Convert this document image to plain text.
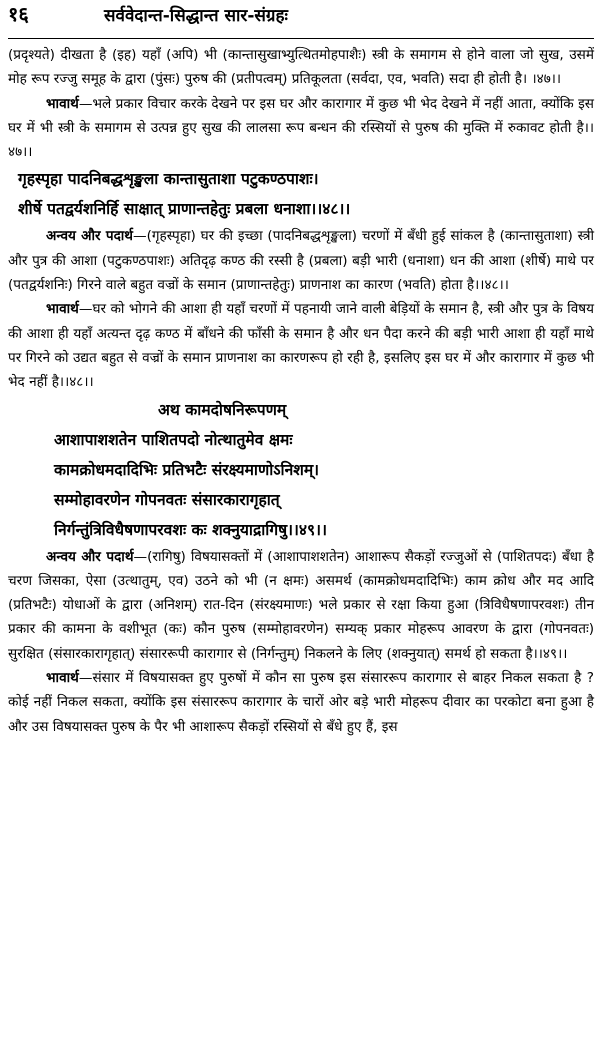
१६	सर्ववेदान्त-सिद्धान्त सार-संग्रहः

(प्रदृश्यते) दीखता है (इह) यहाँ (अपि) भी (कान्तासुखाभ्युत्थितमोहपाशैः) स्त्री के समागम से होने वाला जो सुख, उसमें मोह रूप रज्जु समूह के द्वारा (पुंसः) पुरुष की (प्रतीपत्वम्) प्रतिकूलता (सर्वदा, एव, भवति) सदा ही होती है। ।४७।।

भावार्थ—भले प्रकार विचार करके देखने पर इस घर और कारागार में कुछ भी भेद देखने में नहीं आता, क्योंकि इस घर में भी स्त्री के समागम से उत्पन्न हुए सुख की लालसा रूप बन्धन की रस्सियों से पुरुष की मुक्ति में रुकावट होती है।।४७।।

गृहस्पृहा पादनिबद्धशृङ्खला कान्तासुताशा पटुकण्ठपाशः।
शीर्षे पतद्वर्यशनिर्हि साक्षात् प्राणान्तहेतुः प्रबला धनाशा।।४८।।

अन्वय और पदार्थ—(गृहस्पृहा) घर की इच्छा (पादनिबद्धशृङ्खला) चरणों में बँधी हुई सांकल है (कान्तासुताशा) स्त्री और पुत्र की आशा (पटुकण्ठपाशः) अतिदृढ़ कण्ठ की रस्सी है (प्रबला) बड़ी भारी (धनाशा) धन की आशा (शीर्षे) माथे पर (पतद्वर्यशनिः) गिरने वाले बहुत वज्रों के समान (प्राणान्तहेतुः) प्राणनाश का कारण (भवति) होता है।।४८।।

भावार्थ—घर को भोगने की आशा ही यहाँ चरणों में पहनायी जाने वाली बेड़ियों के समान है, स्त्री और पुत्र के विषय की आशा ही यहाँ अत्यन्त दृढ़ कण्ठ में बाँधने की फाँसी के समान है और धन पैदा करने की बड़ी भारी आशा ही यहाँ माथे पर गिरने को उद्यत बहुत से वज्रों के समान प्राणनाश का कारणरूप हो रही है, इसलिए इस घर में और कारागार में कुछ भी भेद नहीं है।।४८।।

अथ कामदोषनिरूपणम्
आशापाशशतेन पाशितपदो नोत्थातुमेव क्षमः
कामक्रोधमदादिभिः प्रतिभटैः संरक्ष्यमाणोऽनिशम्।
सम्मोहावरणेन गोपनवतः संसारकारागृहात्
निर्गन्तुंत्रिविधैषणापरवशः कः शक्नुयाद्रागिषु।।४९।।

अन्वय और पदार्थ—(रागिषु) विषयासक्तों में (आशापाशशतेन) आशारूप सैकड़ों रज्जुओं से (पाशितपदः) बँधा है चरण जिसका, ऐसा (उत्थातुम्, एव) उठने को भी (न क्षमः) असमर्थ (कामक्रोधमदादिभिः) काम क्रोध और मद आदि (प्रतिभटैः) योधाओं के द्वारा (अनिशम्) रात-दिन (संरक्ष्यमाणः) भले प्रकार से रक्षा किया हुआ (त्रिविधैषणापरवशः) तीन प्रकार की कामना के वशीभूत (कः) कौन पुरुष (सम्मोहावरणेन) सम्यक् प्रकार मोहरूप आवरण के द्वारा (गोपनवतः) सुरक्षित (संसारकारागृहात्) संसाररूपी कारागार से (निर्गन्तुम्) निकलने के लिए (शक्नुयात्) समर्थ हो सकता है।।४९।।

भावार्थ—संसार में विषयासक्त हुए पुरुषों में कौन सा पुरुष इस संसाररूप कारागार से बाहर निकल सकता है ? कोई नहीं निकल सकता, क्योंकि इस संसाररूप कारागार के चारों ओर बड़े भारी मोहरूप दीवार का परकोटा बना हुआ है और उस विषयासक्त पुरुष के पैर भी आशारूप सैकड़ों रस्सियों से बँधे हुए हैं, इस
